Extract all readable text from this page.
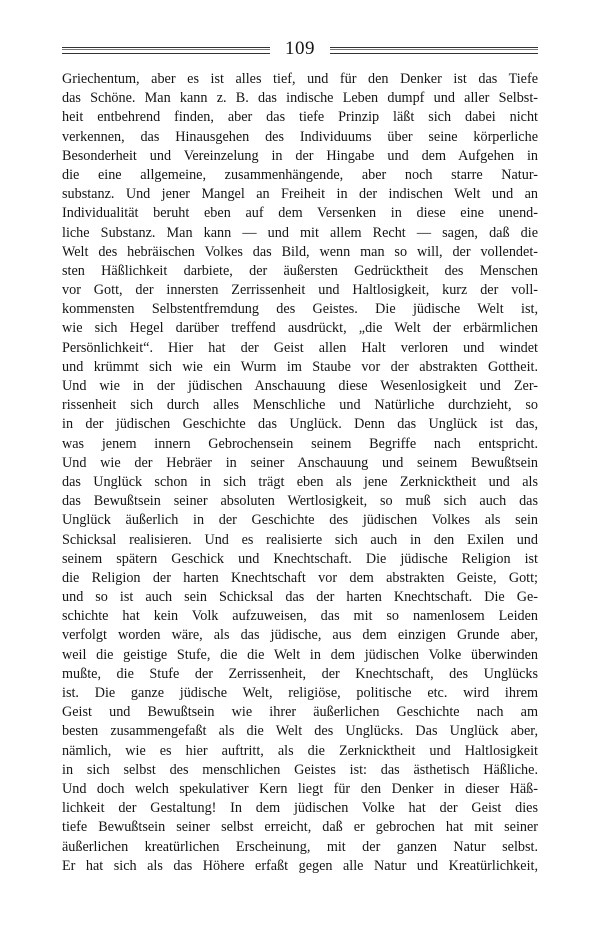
109
Griechentum, aber es ist alles tief, und für den Denker ist das Tiefe
das Schöne. Man kann z. B. das indische Leben dumpf und aller Selbst-
heit entbehrend finden, aber das tiefe Prinzip läßt sich dabei nicht
verkennen, das Hinausgehen des Individuums über seine körperliche
Besonderheit und Vereinzelung in der Hingabe und dem Aufgehen in
die eine allgemeine, zusammenhängende, aber noch starre Natur-
substanz. Und jener Mangel an Freiheit in der indischen Welt und an
Individualität beruht eben auf dem Versenken in diese eine unend-
liche Substanz. Man kann — und mit allem Recht — sagen, daß die
Welt des hebräischen Volkes das Bild, wenn man so will, der vollendet-
sten Häßlichkeit darbiete, der äußersten Gedrücktheit des Menschen
vor Gott, der innersten Zerrissenheit und Haltlosigkeit, kurz der voll-
kommensten Selbstentfremdung des Geistes. Die jüdische Welt ist,
wie sich Hegel darüber treffend ausdrückt, „die Welt der erbärmlichen
Persönlichkeit“. Hier hat der Geist allen Halt verloren und windet
und krümmt sich wie ein Wurm im Staube vor der abstrakten Gottheit.
Und wie in der jüdischen Anschauung diese Wesenlosigkeit und Zer-
rissenheit sich durch alles Menschliche und Natürliche durchzieht, so
in der jüdischen Geschichte das Unglück. Denn das Unglück ist das,
was jenem innern Gebrochensein seinem Begriffe nach entspricht.
Und wie der Hebräer in seiner Anschauung und seinem Bewußtsein
das Unglück schon in sich trägt eben als jene Zerknicktheit und als
das Bewußtsein seiner absoluten Wertlosigkeit, so muß sich auch das
Unglück äußerlich in der Geschichte des jüdischen Volkes als sein
Schicksal realisieren. Und es realisierte sich auch in den Exilen und
seinem spätern Geschick und Knechtschaft. Die jüdische Religion ist
die Religion der harten Knechtschaft vor dem abstrakten Geiste, Gott;
und so ist auch sein Schicksal das der harten Knechtschaft. Die Ge-
schichte hat kein Volk aufzuweisen, das mit so namenlosem Leiden
verfolgt worden wäre, als das jüdische, aus dem einzigen Grunde aber,
weil die geistige Stufe, die die Welt in dem jüdischen Volke überwinden
mußte, die Stufe der Zerrissenheit, der Knechtschaft, des Unglücks
ist. Die ganze jüdische Welt, religiöse, politische etc. wird ihrem
Geist und Bewußtsein wie ihrer äußerlichen Geschichte nach am
besten zusammengefaßt als die Welt des Unglücks. Das Unglück aber,
nämlich, wie es hier auftritt, als die Zerknicktheit und Haltlosigkeit
in sich selbst des menschlichen Geistes ist: das ästhetisch Häßliche.
Und doch welch spekulativer Kern liegt für den Denker in dieser Häß-
lichkeit der Gestaltung! In dem jüdischen Volke hat der Geist dies
tiefe Bewußtsein seiner selbst erreicht, daß er gebrochen hat mit seiner
äußerlichen kreatürlichen Erscheinung, mit der ganzen Natur selbst.
Er hat sich als das Höhere erfaßt gegen alle Natur und Kreatürlichkeit,
